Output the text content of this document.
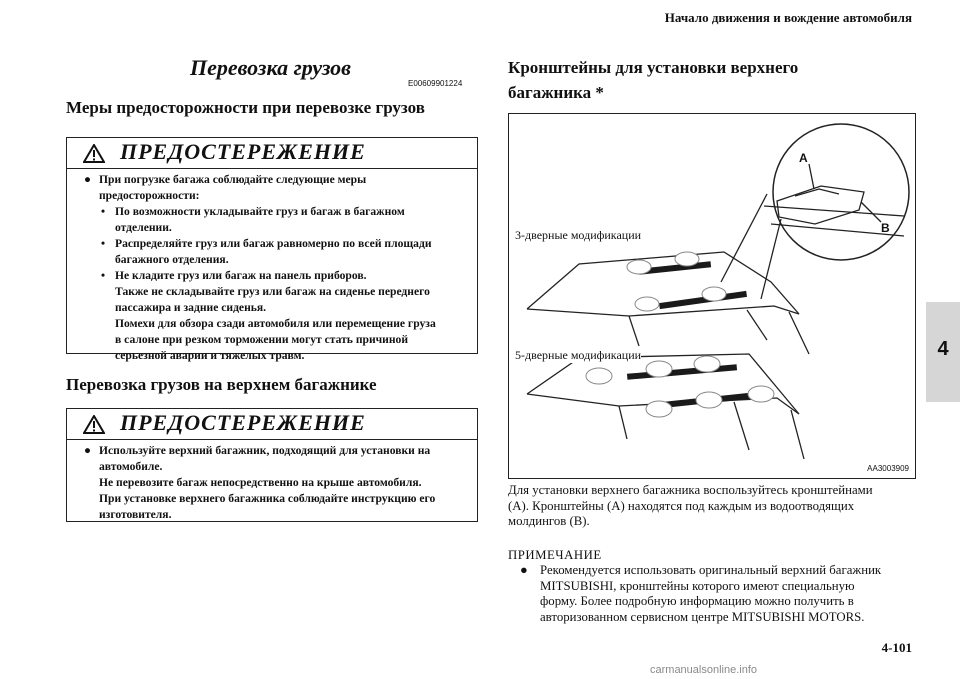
Начало движения и вождение автомобиля
4
Перевозка грузов
E00609901224
Меры предосторожности при перевозке грузов
ПРЕДОСТЕРЕЖЕНИЕ
● При погрузке багажа соблюдайте следующие меры
предосторожности:
• По возможности укладывайте груз и багаж в багажном
отделении.
• Распределяйте груз или багаж равномерно по всей площади
багажного отделения.
• Не кладите груз или багаж на панель приборов.
Также не складывайте груз или багаж на сиденье переднего
пассажира и задние сиденья.
Помехи для обзора сзади автомобиля или перемещение груза
в салоне при резком торможении могут стать причиной
серьезной аварии и тяжелых травм.
Перевозка грузов на верхнем багажнике
ПРЕДОСТЕРЕЖЕНИЕ
● Используйте верхний багажник, подходящий для установки на
автомобиле.
Не перевозите багаж непосредственно на крыше автомобиля.
При установке верхнего багажника соблюдайте инструкцию его
изготовителя.
Кронштейны для установки верхнего багажника *
A
B
3-дверные модификации
5-дверные модификации
AA3003909
Для установки верхнего багажника воспользуйтесь кронштейнами
(A). Кронштейны (A) находятся под каждым из водоотводящих
молдингов (B).
ПРИМЕЧАНИЕ
● Рекомендуется использовать оригинальный верхний багажник
MITSUBISHI, кронштейны которого имеют специальную
форму. Более подробную информацию можно получить в
авторизованном сервисном центре MITSUBISHI MOTORS.
4-101
carmanualsonline.info
